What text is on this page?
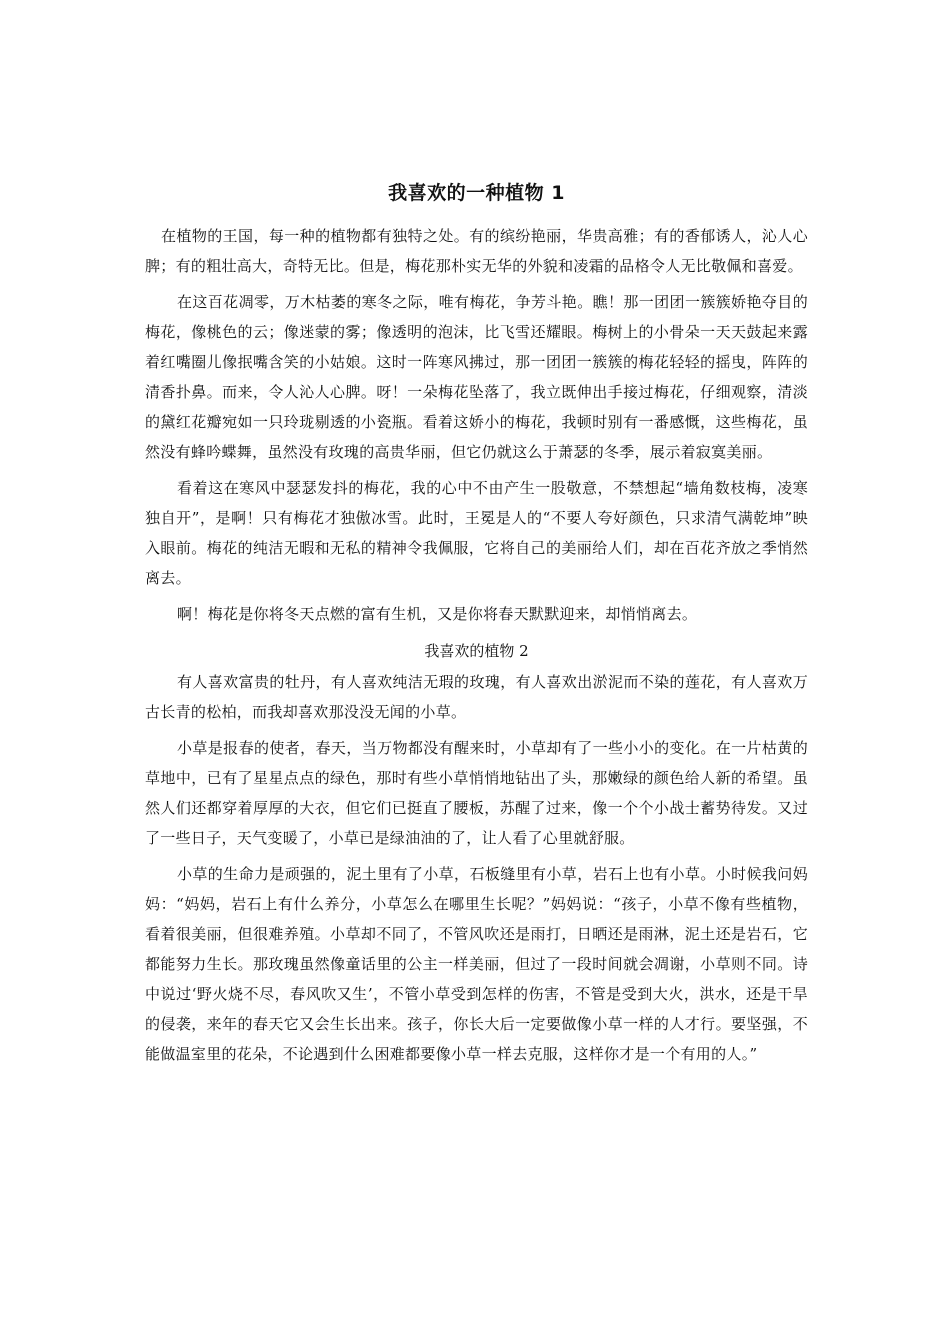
我喜欢的一种植物 1

在植物的王国，每一种的植物都有独特之处。有的缤纷艳丽，华贵高雅；有的香郁诱人，沁人心脾；有的粗壮高大，奇特无比。但是，梅花那朴实无华的外貌和凌霜的品格令人无比敬佩和喜爱。

在这百花凋零，万木枯萎的寒冬之际，唯有梅花，争芳斗艳。瞧！那一团团一簇簇娇艳夺目的梅花，像桃色的云；像迷蒙的雾；像透明的泡沫，比飞雪还耀眼。梅树上的小骨朵一天天鼓起来露着红嘴圈儿像抿嘴含笑的小姑娘。这时一阵寒风拂过，那一团团一簇簇的梅花轻轻的摇曳，阵阵的清香扑鼻。而来，令人沁人心脾。呀！一朵梅花坠落了，我立既伸出手接过梅花，仔细观察，清淡的黛红花瓣宛如一只玲珑剔透的小瓷瓶。看着这娇小的梅花，我顿时别有一番感慨，这些梅花，虽然没有蜂吟蝶舞，虽然没有玫瑰的高贵华丽，但它仍就这么于萧瑟的冬季，展示着寂寞美丽。

看着这在寒风中瑟瑟发抖的梅花，我的心中不由产生一股敬意，不禁想起“墙角数枝梅，凌寒独自开”，是啊！只有梅花才独傲冰雪。此时，王冕是人的“不要人夸好颜色，只求清气满乾坤”映入眼前。梅花的纯洁无暇和无私的精神令我佩服，它将自己的美丽给人们，却在百花齐放之季悄然离去。

啊！梅花是你将冬天点燃的富有生机，又是你将春天默默迎来，却悄悄离去。

我喜欢的植物 2

有人喜欢富贵的牡丹，有人喜欢纯洁无瑕的玫瑰，有人喜欢出淤泥而不染的莲花，有人喜欢万古长青的松柏，而我却喜欢那没没无闻的小草。

小草是报春的使者，春天，当万物都没有醒来时，小草却有了一些小小的变化。在一片枯黄的草地中，已有了星星点点的绿色，那时有些小草悄悄地钻出了头，那嫩绿的颜色给人新的希望。虽然人们还都穿着厚厚的大衣，但它们已挺直了腰板，苏醒了过来，像一个个小战士蓄势待发。又过了一些日子，天气变暖了，小草已是绿油油的了，让人看了心里就舒服。

小草的生命力是顽强的，泥土里有了小草，石板缝里有小草，岩石上也有小草。小时候我问妈妈：“妈妈，岩石上有什么养分，小草怎么在哪里生长呢？”妈妈说：“孩子，小草不像有些植物，看着很美丽，但很难养殖。小草却不同了，不管风吹还是雨打，日晒还是雨淋，泥土还是岩石，它都能努力生长。那玫瑰虽然像童话里的公主一样美丽，但过了一段时间就会凋谢，小草则不同。诗中说过‘野火烧不尽，春风吹又生’，不管小草受到怎样的伤害，不管是受到大火，洪水，还是干旱的侵袭，来年的春天它又会生长出来。孩子，你长大后一定要做像小草一样的人才行。要坚强，不能做温室里的花朵，不论遇到什么困难都要像小草一样去克服，这样你才是一个有用的人。”
